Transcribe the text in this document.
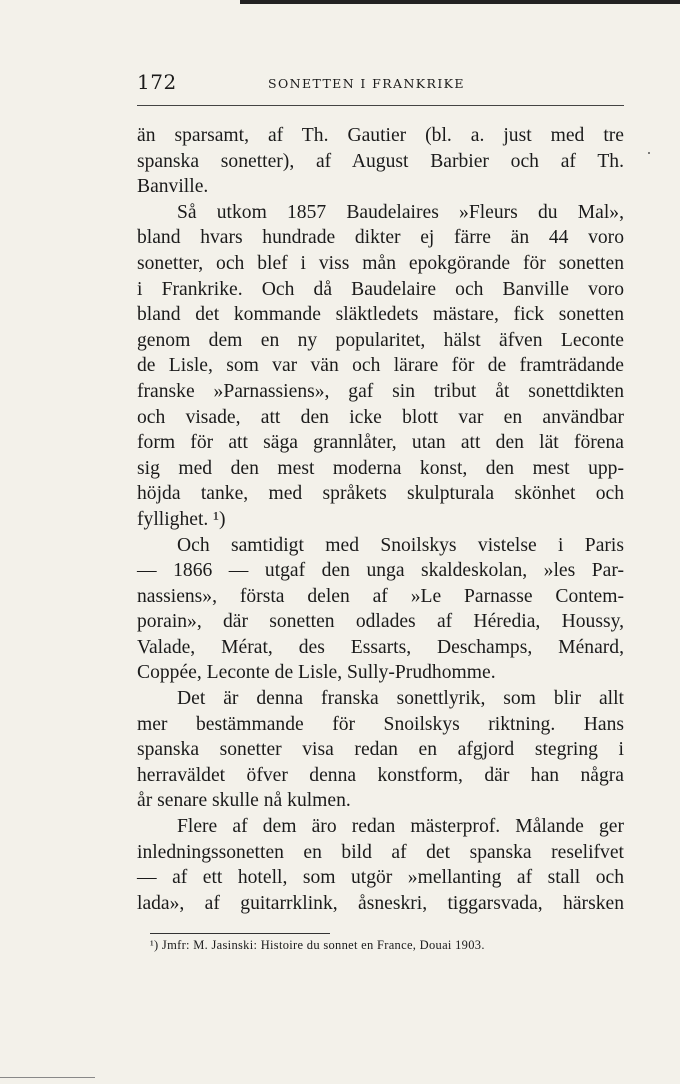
172	SONETTEN I FRANKRIKE
än sparsamt, af Th. Gautier (bl. a. just med tre
spanska sonetter), af August Barbier och af Th.
Banville.
Så utkom 1857 Baudelaires »Fleurs du Mal»,
bland hvars hundrade dikter ej färre än 44 voro
sonetter, och blef i viss mån epokgörande för sonetten
i Frankrike. Och då Baudelaire och Banville voro
bland det kommande släktledets mästare, fick sonetten
genom dem en ny popularitet, hälst äfven Leconte
de Lisle, som var vän och lärare för de framträdande
franske »Parnassiens», gaf sin tribut åt sonettdikten
och visade, att den icke blott var en användbar
form för att säga grannlåter, utan att den lät förena
sig med den mest moderna konst, den mest upp-
höjda tanke, med språkets skulpturala skönhet och
fyllighet. ¹)
Och samtidigt med Snoilskys vistelse i Paris
— 1866 — utgaf den unga skaldeskolan, »les Par-
nassiens», första delen af »Le Parnasse Contem-
porain», där sonetten odlades af Héredia, Houssy,
Valade, Mérat, des Essarts, Deschamps, Ménard,
Coppée, Leconte de Lisle, Sully-Prudhomme.
Det är denna franska sonettlyrik, som blir allt
mer bestämmande för Snoilskys riktning. Hans
spanska sonetter visa redan en afgjord stegring i
herraväldet öfver denna konstform, där han några
år senare skulle nå kulmen.
Flere af dem äro redan mästerprof. Målande ger
inledningssonetten en bild af det spanska reselifvet
— af ett hotell, som utgör »mellanting af stall och
lada», af guitarrklink, åsneskri, tiggarsvada, härsken
¹) Jmfr: M. Jasinski: Histoire du sonnet en France, Douai 1903.
